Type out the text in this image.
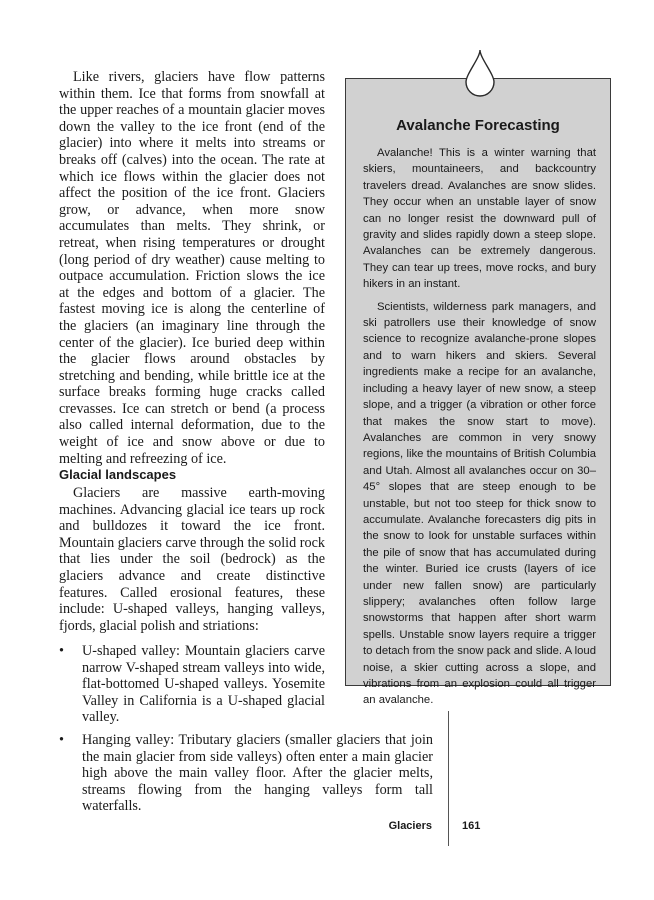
Like rivers, glaciers have flow patterns within them. Ice that forms from snowfall at the upper reaches of a mountain glacier moves down the valley to the ice front (end of the glacier) into where it melts into streams or breaks off (calves) into the ocean. The rate at which ice flows within the glacier does not affect the position of the ice front. Glaciers grow, or advance, when more snow accumulates than melts. They shrink, or retreat, when rising temperatures or drought (long period of dry weather) cause melting to outpace accumulation. Friction slows the ice at the edges and bottom of a glacier. The fastest moving ice is along the centerline of the glaciers (an imaginary line through the center of the glacier). Ice buried deep within the glacier flows around obstacles by stretching and bending, while brittle ice at the surface breaks forming huge cracks called crevasses. Ice can stretch or bend (a process also called internal deformation, due to the weight of ice and snow above or due to melting and refreezing of ice.

Glacial landscapes

Glaciers are massive earth-moving machines. Advancing glacial ice tears up rock and bulldozes it toward the ice front. Mountain glaciers carve through the solid rock that lies under the soil (bedrock) as the glaciers advance and create distinctive features. Called erosional features, these include: U-shaped valleys, hanging valleys, fjords, glacial polish and striations:

• U-shaped valley: Mountain glaciers carve narrow V-shaped stream valleys into wide, flat-bottomed U-shaped valleys. Yosemite Valley in California is a U-shaped glacial valley.
• Hanging valley: Tributary glaciers (smaller glaciers that join the main glacier from side valleys) often enter a main glacier high above the main valley floor. After the glacier melts, streams flowing from the hanging valleys form tall waterfalls.
Avalanche Forecasting

Avalanche! This is a winter warning that skiers, mountaineers, and backcountry travelers dread. Avalanches are snow slides. They occur when an unstable layer of snow can no longer resist the downward pull of gravity and slides rapidly down a steep slope. Avalanches can be extremely dangerous. They can tear up trees, move rocks, and bury hikers in an instant.

Scientists, wilderness park managers, and ski patrollers use their knowledge of snow science to recognize avalanche-prone slopes and to warn hikers and skiers. Several ingredients make a recipe for an avalanche, including a heavy layer of new snow, a steep slope, and a trigger (a vibration or other force that makes the snow start to move). Avalanches are common in very snowy regions, like the mountains of British Columbia and Utah. Almost all avalanches occur on 30–45° slopes that are steep enough to be unstable, but not too steep for thick snow to accumulate. Avalanche forecasters dig pits in the snow to look for unstable surfaces within the pile of snow that has accumulated during the winter. Buried ice crusts (layers of ice under new fallen snow) are particularly slippery; avalanches often follow large snowstorms that happen after short warm spells. Unstable snow layers require a trigger to detach from the snow pack and slide. A loud noise, a skier cutting across a slope, and vibrations from an explosion could all trigger an avalanche.

Glaciers	161
